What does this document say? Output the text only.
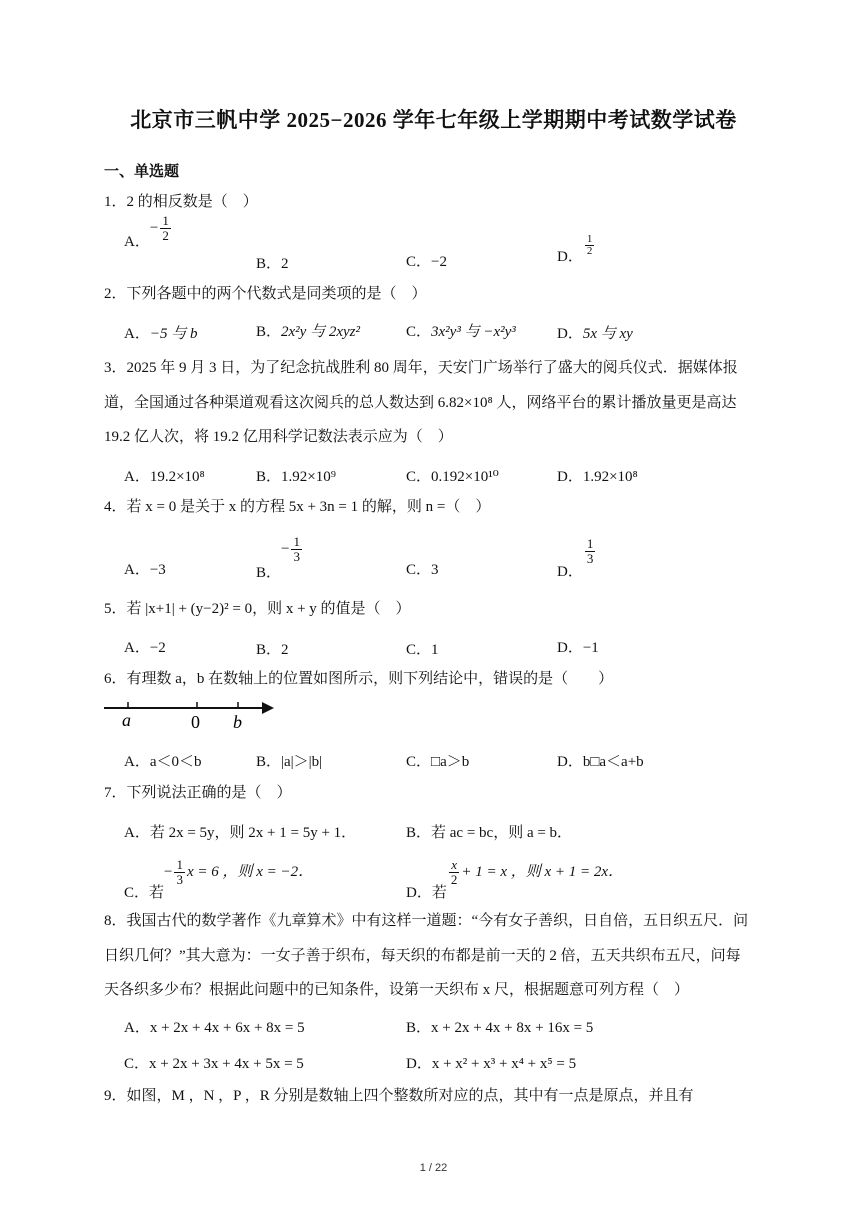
北京市三帆中学 2025−2026 学年七年级上学期期中考试数学试卷
一、单选题
1．2 的相反数是（　）
A．− $\frac{1}{2}$
B．2	C．−2	D． $\frac{1}{2}$
2．下列各题中的两个代数式是同类项的是（　）
A．−5 与 b	B．2x²y 与 2xyz²	C．3x²y³ 与 −x²y³	D．5x 与 xy
3．2025 年 9 月 3 日，为了纪念抗战胜利 80 周年，天安门广场举行了盛大的阅兵仪式．据媒体报
道，全国通过各种渠道观看这次阅兵的总人数达到 6.82×10⁸ 人，网络平台的累计播放量更是高达
19.2 亿人次，将 19.2 亿用科学记数法表示应为（　）
A．19.2×10⁸	B．1.92×10⁹	C．0.192×10¹⁰	D．1.92×10⁸
4．若 x = 0 是关于 x 的方程 5x + 3n = 1 的解，则 n =（　）
A．−3	B．− $\frac{1}{3}$
C．3	D．
$\frac{1}{3}$
5．若 |x+1| + (y−2)² = 0，则 x + y 的值是（　）
A．−2	B．2	C．1	D．−1
6．有理数 a，b 在数轴上的位置如图所示，则下列结论中，错误的是（　　）
a	0 b
A．a＜0＜b	B．|a|＞|b|	C．□a＞b	D．b□a＜a+b
7．下列说法正确的是（　）
A．若 2x = 5y，则 2x + 1 = 5y + 1．	B．若 ac = bc，则 a = b．
C．若− $\frac{1}{3}$ x = 6 ，则 x = −2．
D．若
$\frac{x}{2} + 1 = x$ ，则 x + 1 = 2x．
8．我国古代的数学著作《九章算术》中有这样一道题：“今有女子善织，日自倍，五日织五尺．问
日织几何？”其大意为：一女子善于织布，每天织的布都是前一天的 2 倍，五天共织布五尺，问每
天各织多少布？根据此问题中的已知条件，设第一天织布 x 尺，根据题意可列方程（　）
A．x + 2x + 4x + 6x + 8x = 5	B．x + 2x + 4x + 8x + 16x = 5
C．x + 2x + 3x + 4x + 5x = 5	D．x + x² + x³ + x⁴ + x⁵ = 5
9．如图，M ，N ，P ，R 分别是数轴上四个整数所对应的点，其中有一点是原点，并且有
1 / 22
